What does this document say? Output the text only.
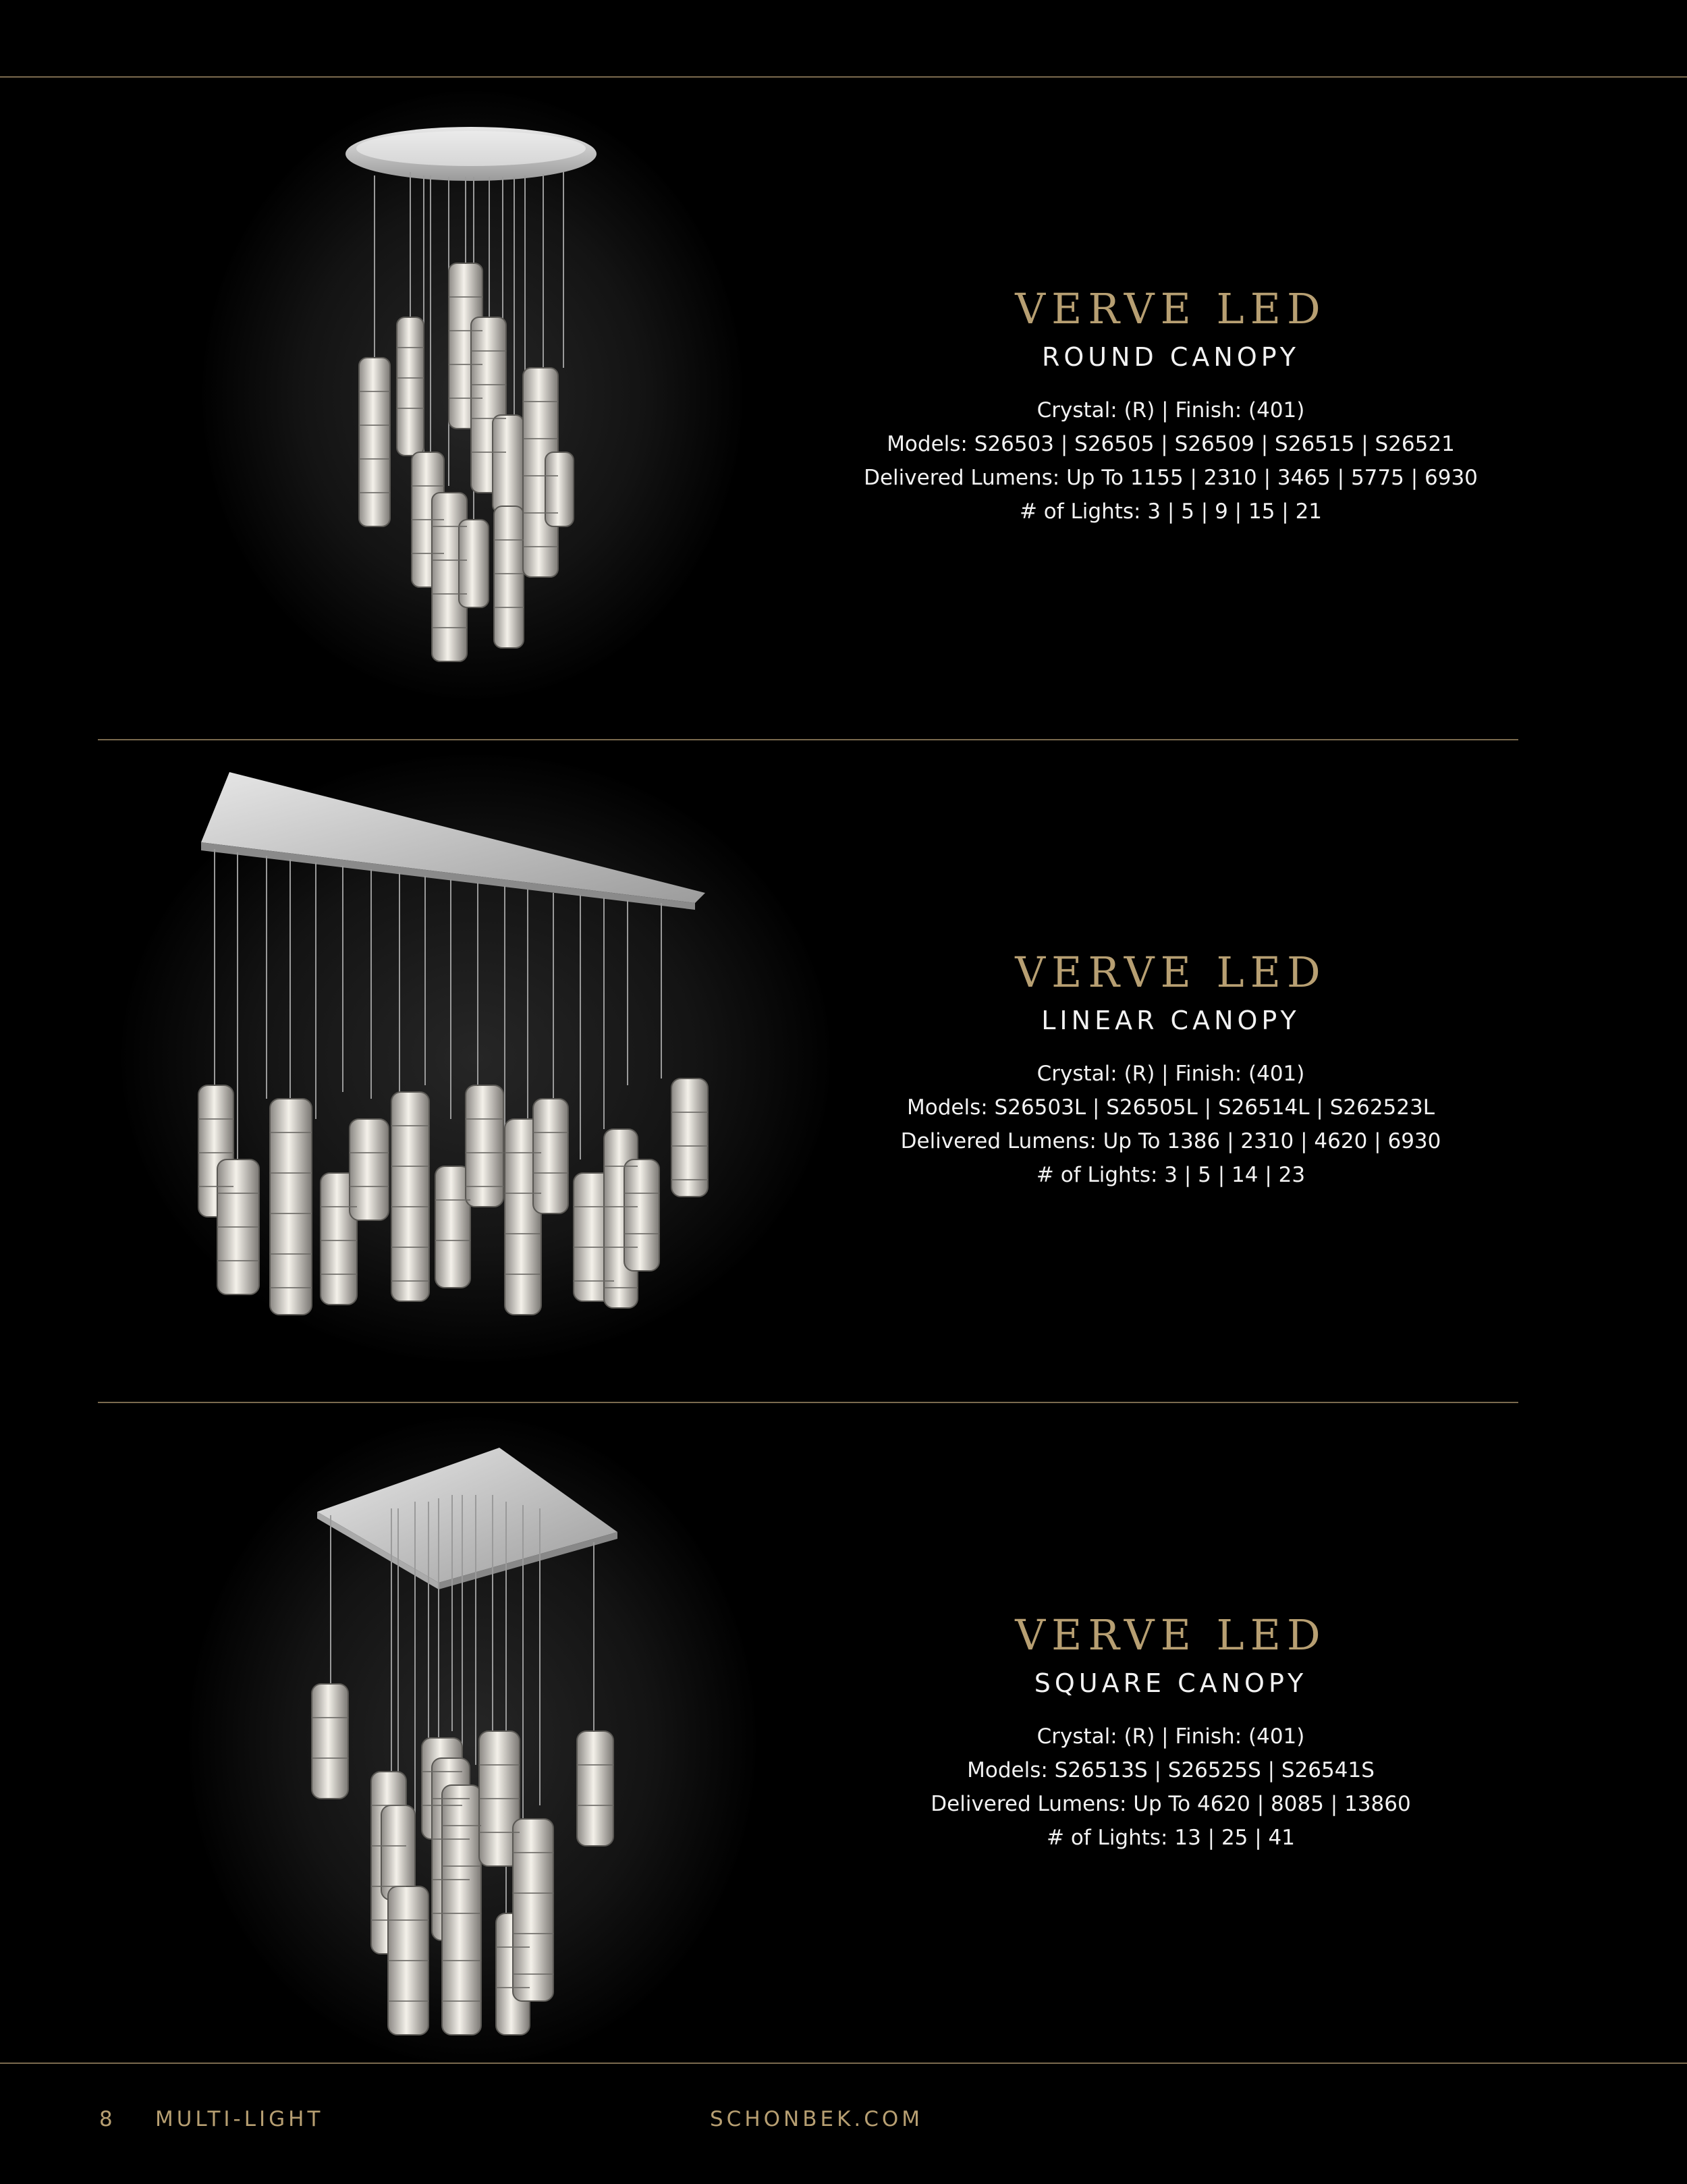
VERVE LED
ROUND CANOPY
Crystal: (R) | Finish: (401)
Models: S26503 | S26505 | S26509 | S26515 | S26521
Delivered Lumens: Up To 1155 | 2310 | 3465 | 5775 | 6930
# of Lights: 3 | 5 | 9 | 15 | 21
VERVE LED
LINEAR CANOPY
Crystal: (R) | Finish: (401)
Models: S26503L | S26505L | S26514L | S262523L
Delivered Lumens: Up To 1386 | 2310 | 4620 | 6930
# of Lights: 3 | 5 | 14 | 23
VERVE LED
SQUARE CANOPY
Crystal: (R) | Finish: (401)
Models: S26513S | S26525S | S26541S
Delivered Lumens: Up To 4620 | 8085 | 13860
# of Lights: 13 | 25 | 41
8 MULTI-LIGHT	SCHONBEK.COM
